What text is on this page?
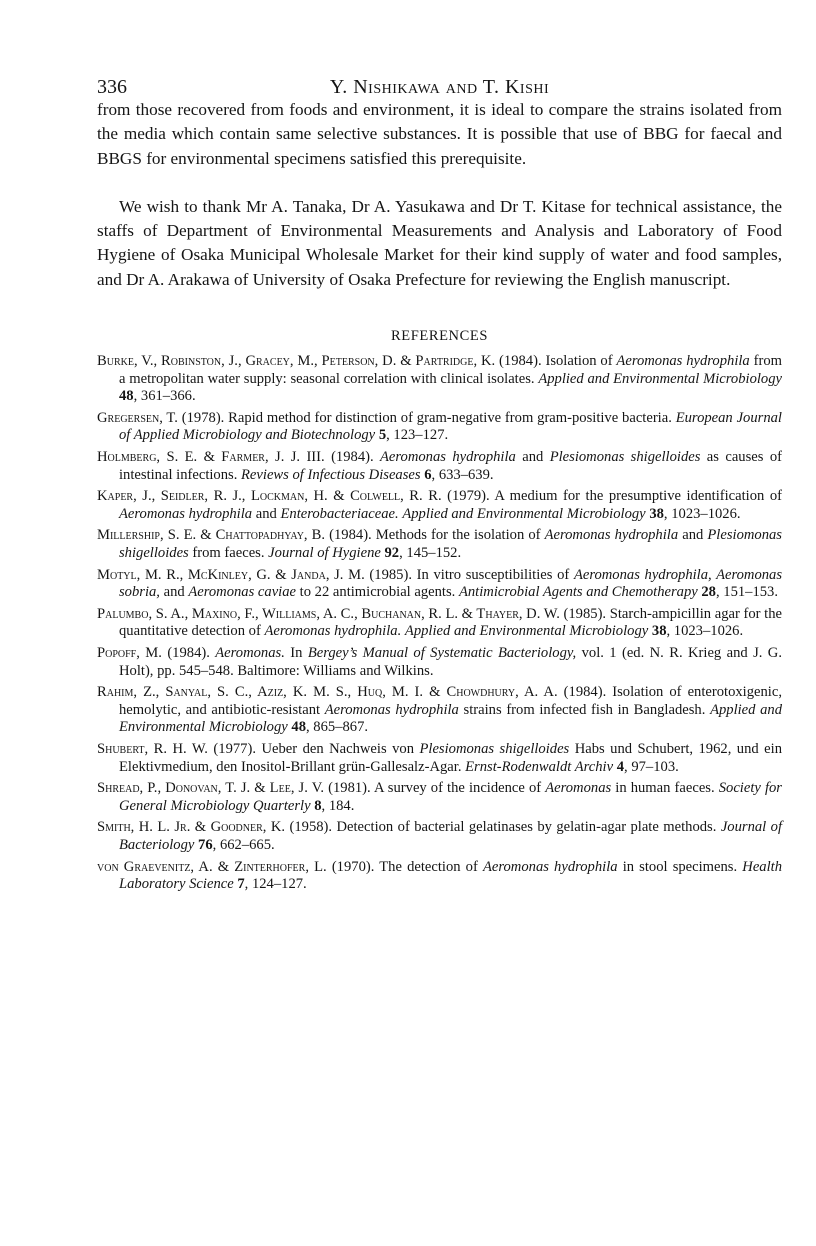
336	Y. Nishikawa and T. Kishi

from those recovered from foods and environment, it is ideal to compare the strains isolated from the media which contain same selective substances. It is possible that use of BBG for faecal and BBGS for environmental specimens satisfied this prerequisite.

We wish to thank Mr A. Tanaka, Dr A. Yasukawa and Dr T. Kitase for technical assistance, the staffs of Department of Environmental Measurements and Analysis and Laboratory of Food Hygiene of Osaka Municipal Wholesale Market for their kind supply of water and food samples, and Dr A. Arakawa of University of Osaka Prefecture for reviewing the English manuscript.

REFERENCES
Burke, V., Robinston, J., Gracey, M., Peterson, D. & Partridge, K. (1984). Isolation of Aeromonas hydrophila from a metropolitan water supply: seasonal correlation with clinical isolates. Applied and Environmental Microbiology 48, 361–366.
Gregersen, T. (1978). Rapid method for distinction of gram-negative from gram-positive bacteria. European Journal of Applied Microbiology and Biotechnology 5, 123–127.
Holmberg, S. E. & Farmer, J. J. III. (1984). Aeromonas hydrophila and Plesiomonas shigelloides as causes of intestinal infections. Reviews of Infectious Diseases 6, 633–639.
Kaper, J., Seidler, R. J., Lockman, H. & Colwell, R. R. (1979). A medium for the presumptive identification of Aeromonas hydrophila and Enterobacteriaceae. Applied and Environmental Microbiology 38, 1023–1026.
Millership, S. E. & Chattopadhyay, B. (1984). Methods for the isolation of Aeromonas hydrophila and Plesiomonas shigelloides from faeces. Journal of Hygiene 92, 145–152.
Motyl, M. R., McKinley, G. & Janda, J. M. (1985). In vitro susceptibilities of Aeromonas hydrophila, Aeromonas sobria, and Aeromonas caviae to 22 antimicrobial agents. Antimicrobial Agents and Chemotherapy 28, 151–153.
Palumbo, S. A., Maxino, F., Williams, A. C., Buchanan, R. L. & Thayer, D. W. (1985). Starch-ampicillin agar for the quantitative detection of Aeromonas hydrophila. Applied and Environmental Microbiology 38, 1023–1026.
Popoff, M. (1984). Aeromonas. In Bergey’s Manual of Systematic Bacteriology, vol. 1 (ed. N. R. Krieg and J. G. Holt), pp. 545–548. Baltimore: Williams and Wilkins.
Rahim, Z., Sanyal, S. C., Aziz, K. M. S., Huq, M. I. & Chowdhury, A. A. (1984). Isolation of enterotoxigenic, hemolytic, and antibiotic-resistant Aeromonas hydrophila strains from infected fish in Bangladesh. Applied and Environmental Microbiology 48, 865–867.
Shubert, R. H. W. (1977). Ueber den Nachweis von Plesiomonas shigelloides Habs und Schubert, 1962, und ein Elektivmedium, den Inositol-Brillant grün-Gallesalz-Agar. Ernst-Rodenwaldt Archiv 4, 97–103.
Shread, P., Donovan, T. J. & Lee, J. V. (1981). A survey of the incidence of Aeromonas in human faeces. Society for General Microbiology Quarterly 8, 184.
Smith, H. L. Jr. & Goodner, K. (1958). Detection of bacterial gelatinases by gelatin-agar plate methods. Journal of Bacteriology 76, 662–665.
von Graevenitz, A. & Zinterhofer, L. (1970). The detection of Aeromonas hydrophila in stool specimens. Health Laboratory Science 7, 124–127.
